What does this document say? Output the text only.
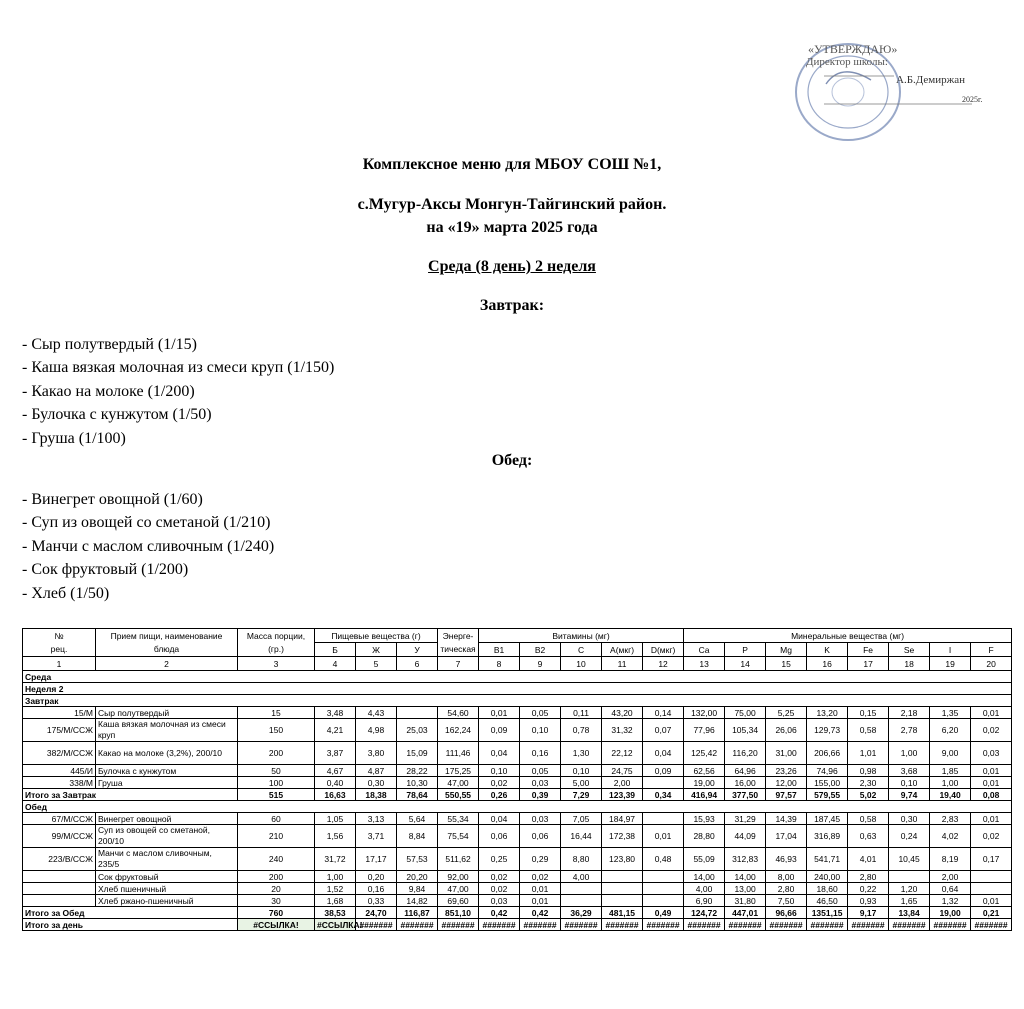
«УТВЕРЖДАЮ»
Директор школы:
А.Б.Демиржан
2025г.
Комплексное меню для МБОУ СОШ №1,
с.Мугур-Аксы Монгун-Тайгинский район.
на «19» марта 2025 года
Среда (8 день) 2 неделя
Завтрак:
- Сыр полутвердый (1/15)
- Каша вязкая молочная из смеси круп (1/150)
- Какао на молоке (1/200)
- Булочка с кунжутом (1/50)
- Груша (1/100)
Обед:
- Винегрет овощной (1/60)
- Суп из овощей со сметаной (1/210)
- Манчи с маслом сливочным (1/240)
- Сок фруктовый (1/200)
- Хлеб (1/50)
№	Прием пищи, наименование	Масса порции,	Пищевые вещества (г)			Энерге-	Витамины (мг)					Минеральные вещества (мг)							
рец.	блюда	(гр.)	Б	Ж	У	тическая	B1	B2	C	A(мкг)	D(мкг)	Ca	P	Mg	K	Fe	Se	I	F
1	2	3	4	5	6	7	8	9	10	11	12	13	14	15	16	17	18	19	20
Среда																			
Неделя 2																			
Завтрак																			
15/М	Сыр полутвердый	15	3,48	4,43		54,60	0,01	0,05	0,11	43,20	0,14	132,00	75,00	5,25	13,20	0,15	2,18	1,35	0,01
175/М/ССЖ	Каша вязкая молочная из смеси круп	150	4,21	4,98	25,03	162,24	0,09	0,10	0,78	31,32	0,07	77,96	105,34	26,06	129,73	0,58	2,78	6,20	0,02
382/М/ССЖ	Какао на молоке (3,2%), 200/10	200	3,87	3,80	15,09	111,46	0,04	0,16	1,30	22,12	0,04	125,42	116,20	31,00	206,66	1,01	1,00	9,00	0,03
445/И	Булочка с кунжутом	50	4,67	4,87	28,22	175,25	0,10	0,05	0,10	24,75	0,09	62,56	64,96	23,26	74,96	0,98	3,68	1,85	0,01
338/М	Груша	100	0,40	0,30	10,30	47,00	0,02	0,03	5,00	2,00		19,00	16,00	12,00	155,00	2,30	0,10	1,00	0,01
Итого за Завтрак		515	16,63	18,38	78,64	550,55	0,26	0,39	7,29	123,39	0,34	416,94	377,50	97,57	579,55	5,02	9,74	19,40	0,08
Обед																			
67/М/ССЖ	Винегрет овощной	60	1,05	3,13	5,64	55,34	0,04	0,03	7,05	184,97		15,93	31,29	14,39	187,45	0,58	0,30	2,83	0,01
99/М/ССЖ	Суп из овощей со сметаной, 200/10	210	1,56	3,71	8,84	75,54	0,06	0,06	16,44	172,38	0,01	28,80	44,09	17,04	316,89	0,63	0,24	4,02	0,02
223/В/ССЖ	Манчи с маслом сливочным, 235/5	240	31,72	17,17	57,53	511,62	0,25	0,29	8,80	123,80	0,48	55,09	312,83	46,93	541,71	4,01	10,45	8,19	0,17
	Сок фруктовый	200	1,00	0,20	20,20	92,00	0,02	0,02	4,00			14,00	14,00	8,00	240,00	2,80		2,00	
	Хлеб пшеничный	20	1,52	0,16	9,84	47,00	0,02	0,01				4,00	13,00	2,80	18,60	0,22	1,20	0,64	
	Хлеб ржано-пшеничный	30	1,68	0,33	14,82	69,60	0,03	0,01				6,90	31,80	7,50	46,50	0,93	1,65	1,32	0,01
Итого за Обед		760	38,53	24,70	116,87	851,10	0,42	0,42	36,29	481,15	0,49	124,72	447,01	96,66	1351,15	9,17	13,84	19,00	0,21
Итого за день		#ССЫЛКА!	#ССЫЛКА!	#######	#######	#######	#######	#######	#######	#######	#######	#######	#######	#######	#######	#######	#######	#######	#######
